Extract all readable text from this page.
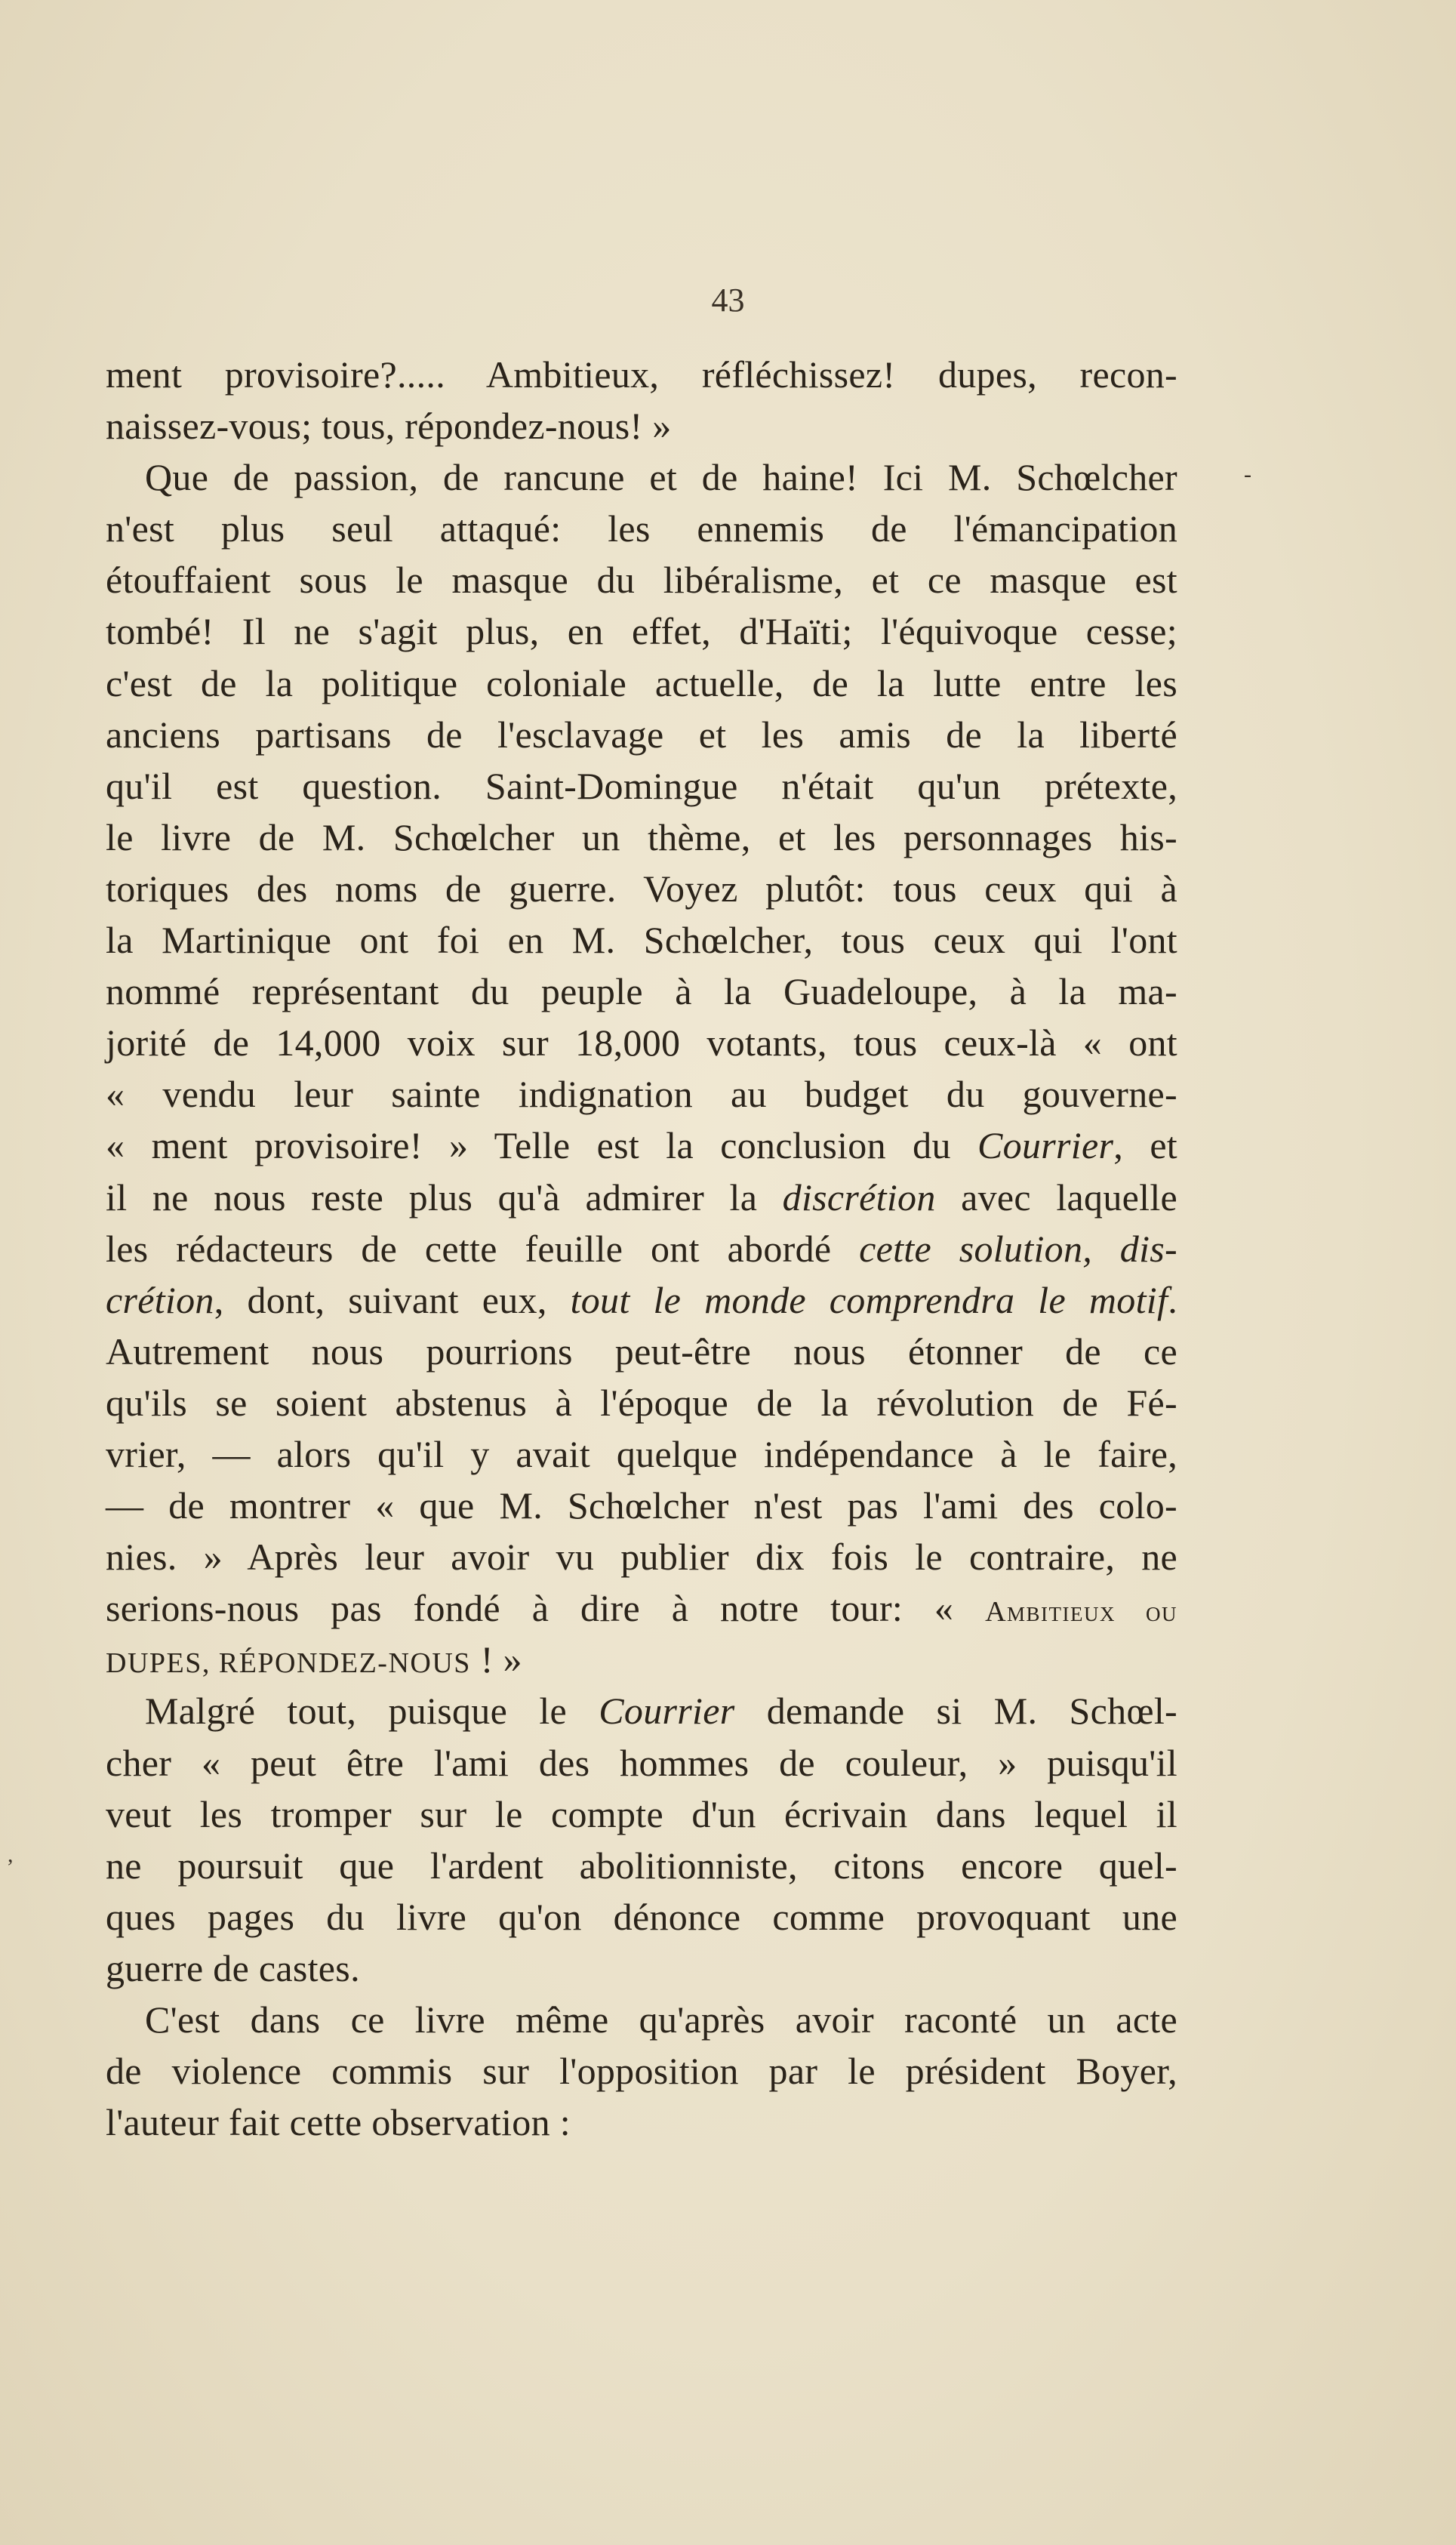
43
ment provisoire?..... Ambitieux, réfléchissez! dupes, recon-
naissez-vous; tous, répondez-nous! »
Que de passion, de rancune et de haine! Ici M. Schœlcher
n'est plus seul attaqué: les ennemis de l'émancipation
étouffaient sous le masque du libéralisme, et ce masque est
tombé! Il ne s'agit plus, en effet, d'Haïti; l'équivoque cesse;
c'est de la politique coloniale actuelle, de la lutte entre les
anciens partisans de l'esclavage et les amis de la liberté
qu'il est question. Saint-Domingue n'était qu'un prétexte,
le livre de M. Schœlcher un thème, et les personnages his-
toriques des noms de guerre. Voyez plutôt: tous ceux qui à
la Martinique ont foi en M. Schœlcher, tous ceux qui l'ont
nommé représentant du peuple à la Guadeloupe, à la ma-
jorité de 14,000 voix sur 18,000 votants, tous ceux-là « ont
« vendu leur sainte indignation au budget du gouverne-
« ment provisoire! » Telle est la conclusion du Courrier, et
il ne nous reste plus qu'à admirer la discrétion avec laquelle
les rédacteurs de cette feuille ont abordé cette solution, dis-
crétion, dont, suivant eux, tout le monde comprendra le motif.
Autrement nous pourrions peut-être nous étonner de ce
qu'ils se soient abstenus à l'époque de la révolution de Fé-
vrier, — alors qu'il y avait quelque indépendance à le faire,
— de montrer « que M. Schœlcher n'est pas l'ami des colo-
nies. » Après leur avoir vu publier dix fois le contraire, ne
serions-nous pas fondé à dire à notre tour: « Ambitieux ou
DUPES, RÉPONDEZ-NOUS ! »
Malgré tout, puisque le Courrier demande si M. Schœl-
cher « peut être l'ami des hommes de couleur, » puisqu'il
veut les tromper sur le compte d'un écrivain dans lequel il
ne poursuit que l'ardent abolitionniste, citons encore quel-
ques pages du livre qu'on dénonce comme provoquant une
guerre de castes.
C'est dans ce livre même qu'après avoir raconté un acte
de violence commis sur l'opposition par le président Boyer,
l'auteur fait cette observation :
-
,
